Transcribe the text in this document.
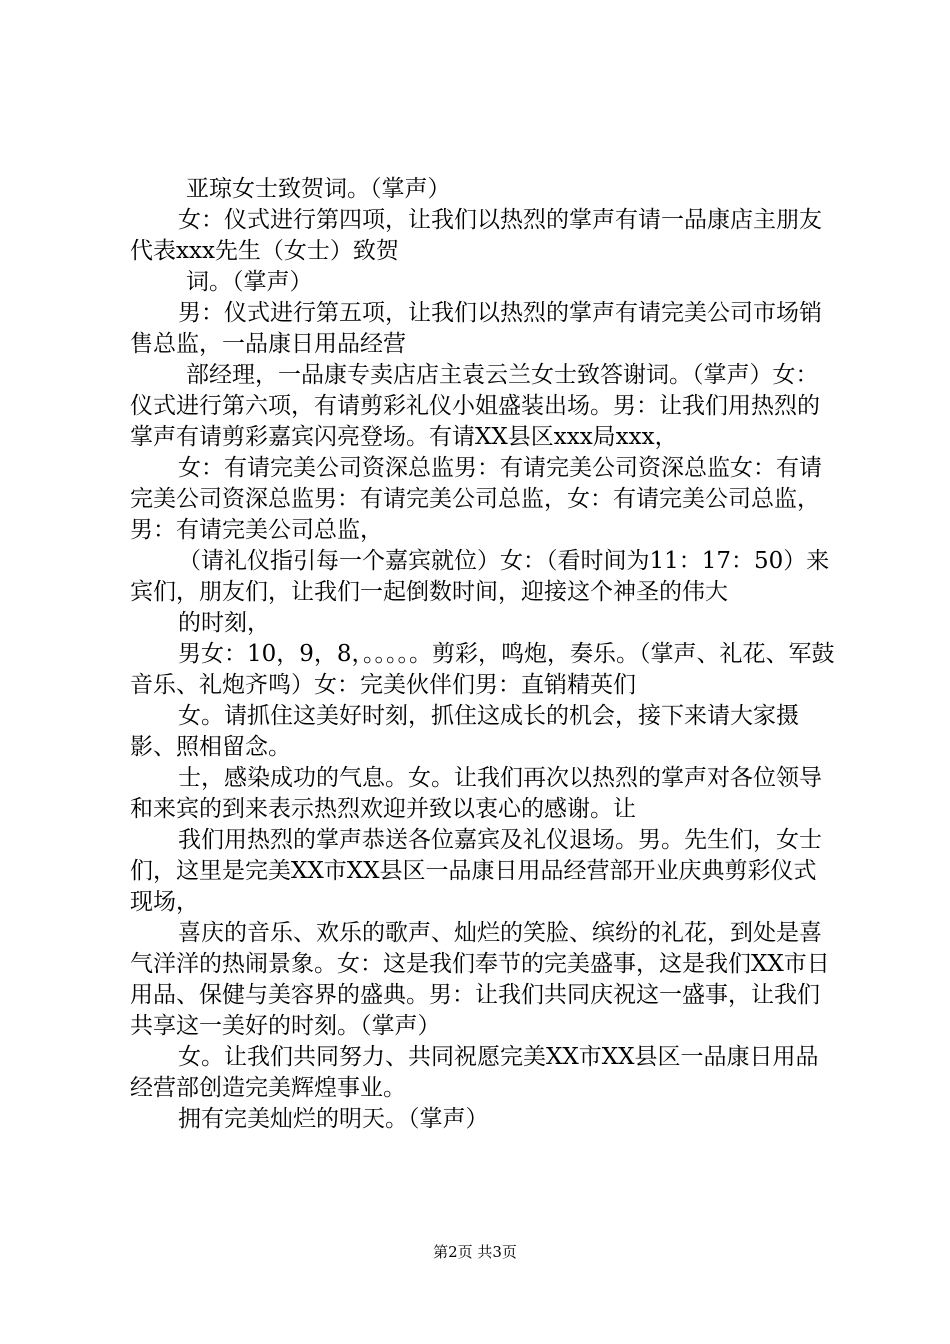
亚琼女士致贺词。（掌声）

女：仪式进行第四项，让我们以热烈的掌声有请一品康店主朋友代表xxx先生（女士）致贺

词。（掌声）

男：仪式进行第五项，让我们以热烈的掌声有请完美公司市场销售总监，一品康日用品经营

部经理，一品康专卖店店主袁云兰女士致答谢词。（掌声）女：仪式进行第六项，有请剪彩礼仪小姐盛装出场。男：让我们用热烈的掌声有请剪彩嘉宾闪亮登场。有请XX县区xxx局xxx，

女：有请完美公司资深总监男：有请完美公司资深总监女：有请完美公司资深总监男：有请完美公司总监，女：有请完美公司总监，男：有请完美公司总监，

（请礼仪指引每一个嘉宾就位）女：（看时间为11：17：50）来宾们，朋友们，让我们一起倒数时间，迎接这个神圣的伟大

的时刻，

男女：10，9，8，。。。。。剪彩，鸣炮，奏乐。（掌声、礼花、军鼓音乐、礼炮齐鸣）女：完美伙伴们男：直销精英们

女。请抓住这美好时刻，抓住这成长的机会，接下来请大家摄影、照相留念。

士，感染成功的气息。女。让我们再次以热烈的掌声对各位领导和来宾的到来表示热烈欢迎并致以衷心的感谢。让

我们用热烈的掌声恭送各位嘉宾及礼仪退场。男。先生们，女士们，这里是完美XX市XX县区一品康日用品经营部开业庆典剪彩仪式现场，

喜庆的音乐、欢乐的歌声、灿烂的笑脸、缤纷的礼花，到处是喜气洋洋的热闹景象。女：这是我们奉节的完美盛事，这是我们XX市日用品、保健与美容界的盛典。男：让我们共同庆祝这一盛事，让我们共享这一美好的时刻。（掌声）

女。让我们共同努力、共同祝愿完美XX市XX县区一品康日用品经营部创造完美辉煌事业。

拥有完美灿烂的明天。（掌声）

第2页 共3页
